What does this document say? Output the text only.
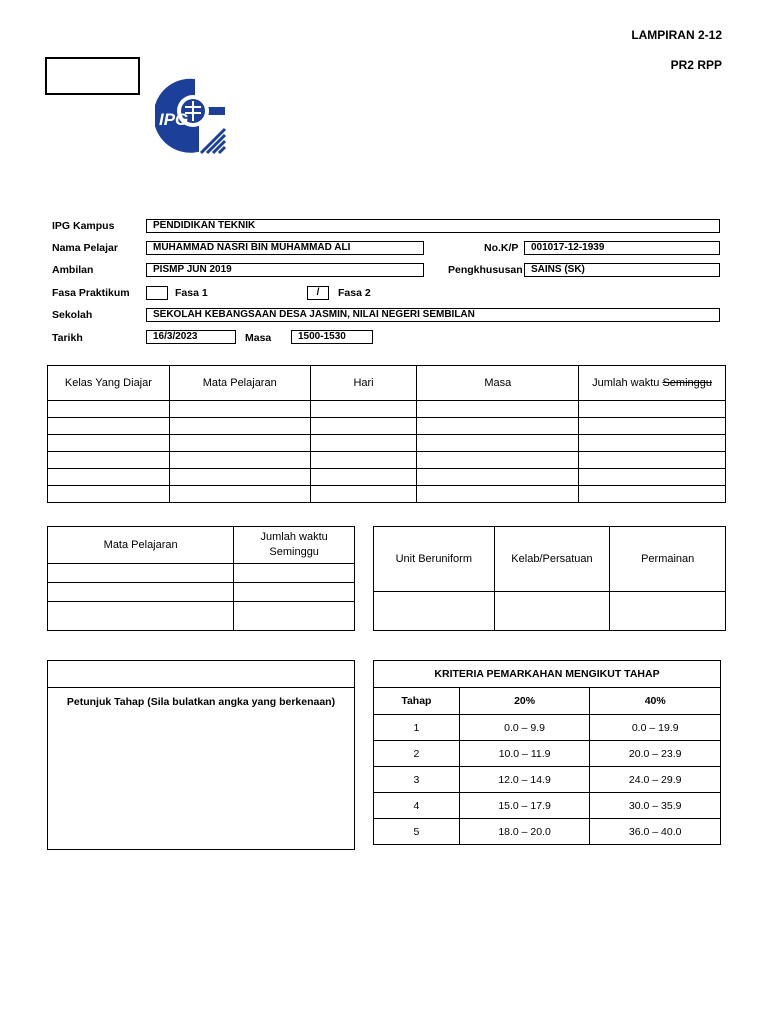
LAMPIRAN 2-12
PR2 RPP
IPG
IPG Kampus	PENDIDIKAN TEKNIK
Nama Pelajar	MUHAMMAD NASRI BIN MUHAMMAD ALI	No.K/P	001017-12-1939
Ambilan	PISMP JUN 2019	Pengkhususan SAINS (SK)
Fasa Praktikum	Fasa 1	/	Fasa 2
Sekolah	SEKOLAH KEBANGSAAN DESA JASMIN, NILAI NEGERI SEMBILAN
Tarikh	16/3/2023	Masa	1500-1530
Kelas Yang Diajar	Mata Pelajaran	Hari	Masa	Jumlah waktu Seminggu

Mata Pelajaran	Jumlah waktu
Seminggu

Unit Beruniform	Kelab/Persatuan	Permainan

Petunjuk Tahap (Sila bulatkan angka yang berkenaan)
KRITERIA PEMARKAHAN MENGIKUT TAHAP		
Tahap	20%	40%
1	0.0 – 9.9	0.0 – 19.9
2	10.0 – 11.9	20.0 – 23.9
3	12.0 – 14.9	24.0 – 29.9
4	15.0 – 17.9	30.0 – 35.9
5	18.0 – 20.0	36.0 – 40.0
